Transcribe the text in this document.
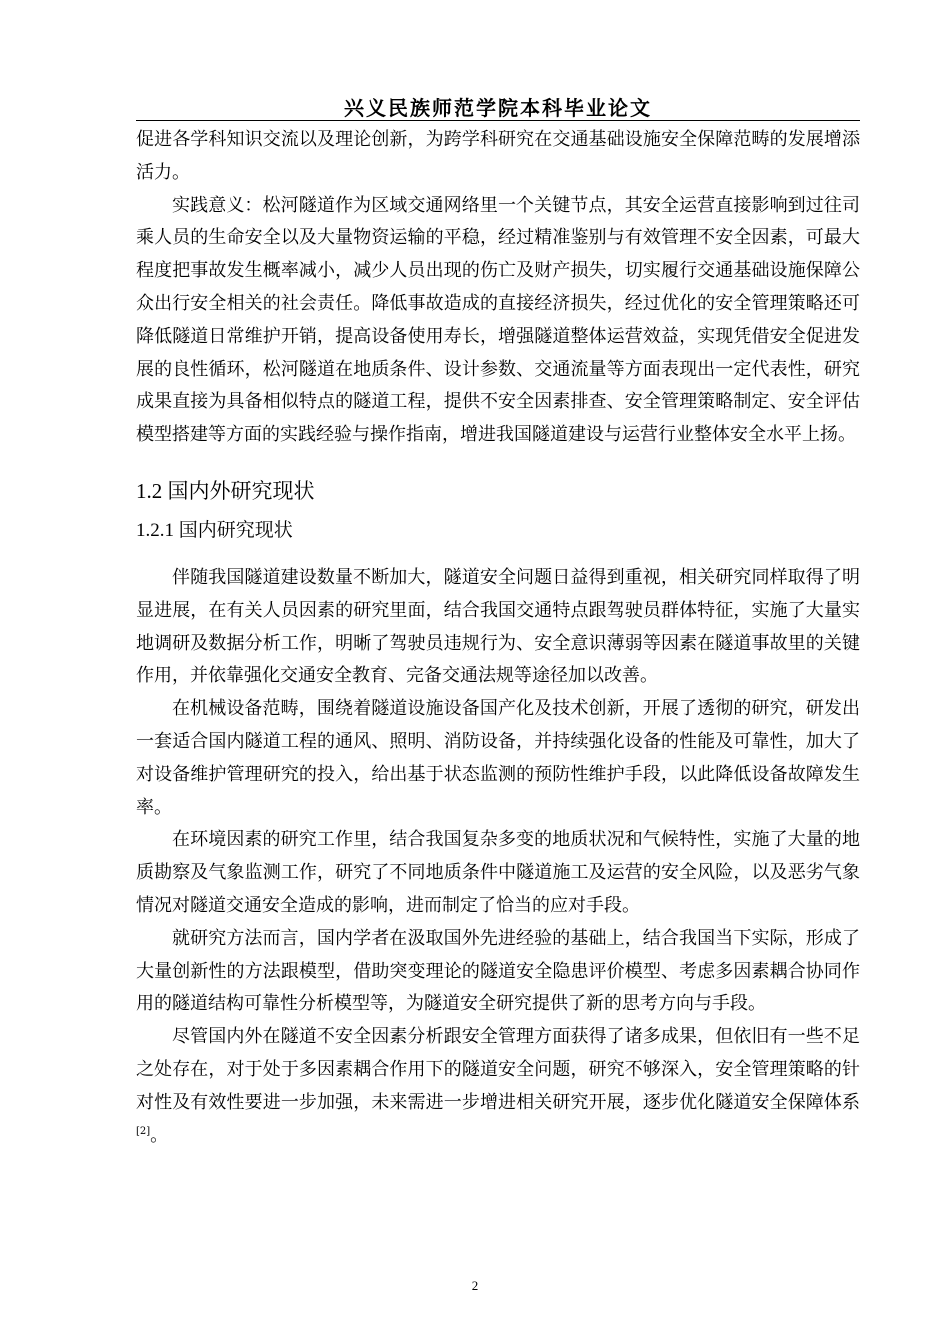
兴义民族师范学院本科毕业论文

促进各学科知识交流以及理论创新，为跨学科研究在交通基础设施安全保障范畴的发展增添活力。

实践意义：松河隧道作为区域交通网络里一个关键节点，其安全运营直接影响到过往司乘人员的生命安全以及大量物资运输的平稳，经过精准鉴别与有效管理不安全因素，可最大程度把事故发生概率减小，减少人员出现的伤亡及财产损失，切实履行交通基础设施保障公众出行安全相关的社会责任。降低事故造成的直接经济损失，经过优化的安全管理策略还可降低隧道日常维护开销，提高设备使用寿长，增强隧道整体运营效益，实现凭借安全促进发展的良性循环，松河隧道在地质条件、设计参数、交通流量等方面表现出一定代表性，研究成果直接为具备相似特点的隧道工程，提供不安全因素排查、安全管理策略制定、安全评估模型搭建等方面的实践经验与操作指南，增进我国隧道建设与运营行业整体安全水平上扬。

1.2 国内外研究现状
1.2.1 国内研究现状

伴随我国隧道建设数量不断加大，隧道安全问题日益得到重视，相关研究同样取得了明显进展，在有关人员因素的研究里面，结合我国交通特点跟驾驶员群体特征，实施了大量实地调研及数据分析工作，明晰了驾驶员违规行为、安全意识薄弱等因素在隧道事故里的关键作用，并依靠强化交通安全教育、完备交通法规等途径加以改善。

在机械设备范畴，围绕着隧道设施设备国产化及技术创新，开展了透彻的研究，研发出一套适合国内隧道工程的通风、照明、消防设备，并持续强化设备的性能及可靠性，加大了对设备维护管理研究的投入，给出基于状态监测的预防性维护手段，以此降低设备故障发生率。

在环境因素的研究工作里，结合我国复杂多变的地质状况和气候特性，实施了大量的地质勘察及气象监测工作，研究了不同地质条件中隧道施工及运营的安全风险，以及恶劣气象情况对隧道交通安全造成的影响，进而制定了恰当的应对手段。

就研究方法而言，国内学者在汲取国外先进经验的基础上，结合我国当下实际，形成了大量创新性的方法跟模型，借助突变理论的隧道安全隐患评价模型、考虑多因素耦合协同作用的隧道结构可靠性分析模型等，为隧道安全研究提供了新的思考方向与手段。

尽管国内外在隧道不安全因素分析跟安全管理方面获得了诸多成果，但依旧有一些不足之处存在，对于处于多因素耦合作用下的隧道安全问题，研究不够深入，安全管理策略的针对性及有效性要进一步加强，未来需进一步增进相关研究开展，逐步优化隧道安全保障体系[2]。

2
